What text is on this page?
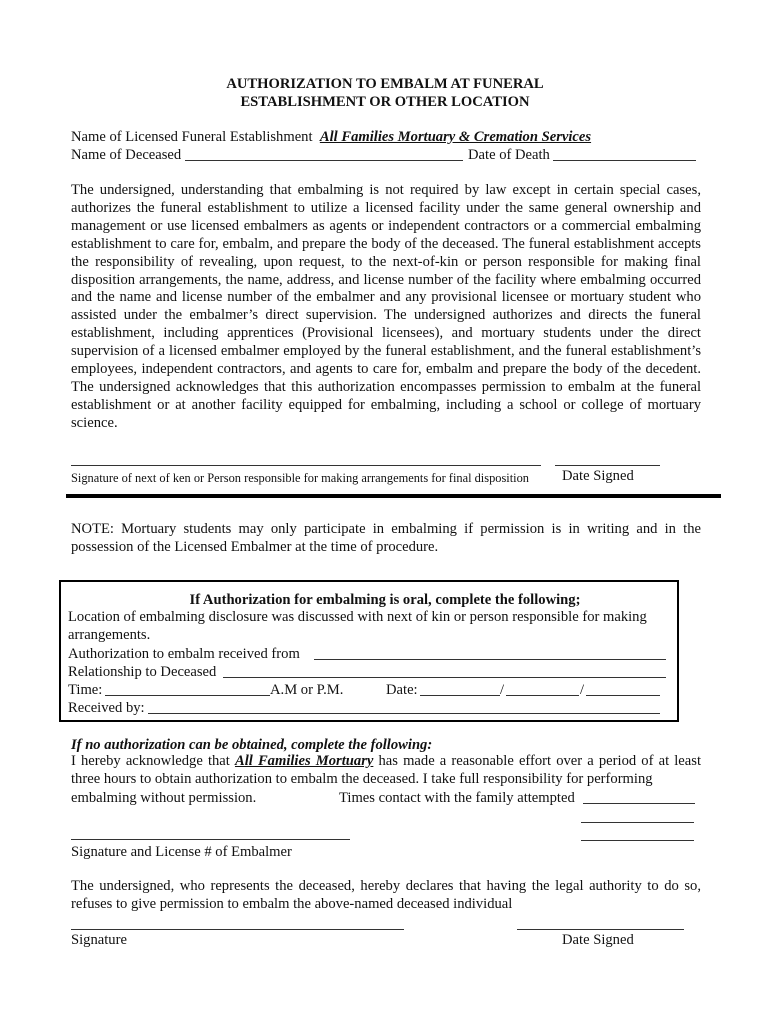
AUTHORIZATION TO EMBALM AT FUNERAL
ESTABLISHMENT OR OTHER LOCATION
Name of Licensed Funeral Establishment All Families Mortuary & Cremation Services
Name of Deceased	Date of Death
The undersigned, understanding that embalming is not required by law except in certain special cases, authorizes the funeral establishment to utilize a licensed facility under the same general ownership and management or use licensed embalmers as agents or independent contractors or a commercial embalming establishment to care for, embalm, and prepare the body of the deceased. The funeral establishment accepts the responsibility of revealing, upon request, to the next-of-kin or person responsible for making final disposition arrangements, the name, address, and license number of the facility where embalming occurred and the name and license number of the embalmer and any provisional licensee or mortuary student who assisted under the embalmer’s direct supervision. The undersigned authorizes and directs the funeral establishment, including apprentices (Provisional licensees), and mortuary students under the direct supervision of a licensed embalmer employed by the funeral establishment, and the funeral establishment’s employees, independent contractors, and agents to care for, embalm and prepare the body of the decedent. The undersigned acknowledges that this authorization encompasses permission to embalm at the funeral establishment or at another facility equipped for embalming, including a school or college of mortuary science.
Signature of next of ken or Person responsible for making arrangements for final disposition Date Signed
NOTE: Mortuary students may only participate in embalming if permission is in writing and in the possession of the Licensed Embalmer at the time of procedure.
If Authorization for embalming is oral, complete the following;
Location of embalming disclosure was discussed with next of kin or person responsible for making arrangements.
Authorization to embalm received from
Relationship to Deceased
Time:	A.M or P.M.	Date:	/	/
Received by:
If no authorization can be obtained, complete the following:
I hereby acknowledge that All Families Mortuary has made a reasonable effort over a period of at least three hours to obtain authorization to embalm the deceased. I take full responsibility for performing
embalming without permission.	Times contact with the family attempted
Signature and License # of Embalmer
The undersigned, who represents the deceased, hereby declares that having the legal authority to do so, refuses to give permission to embalm the above-named deceased individual
Signature	Date Signed
